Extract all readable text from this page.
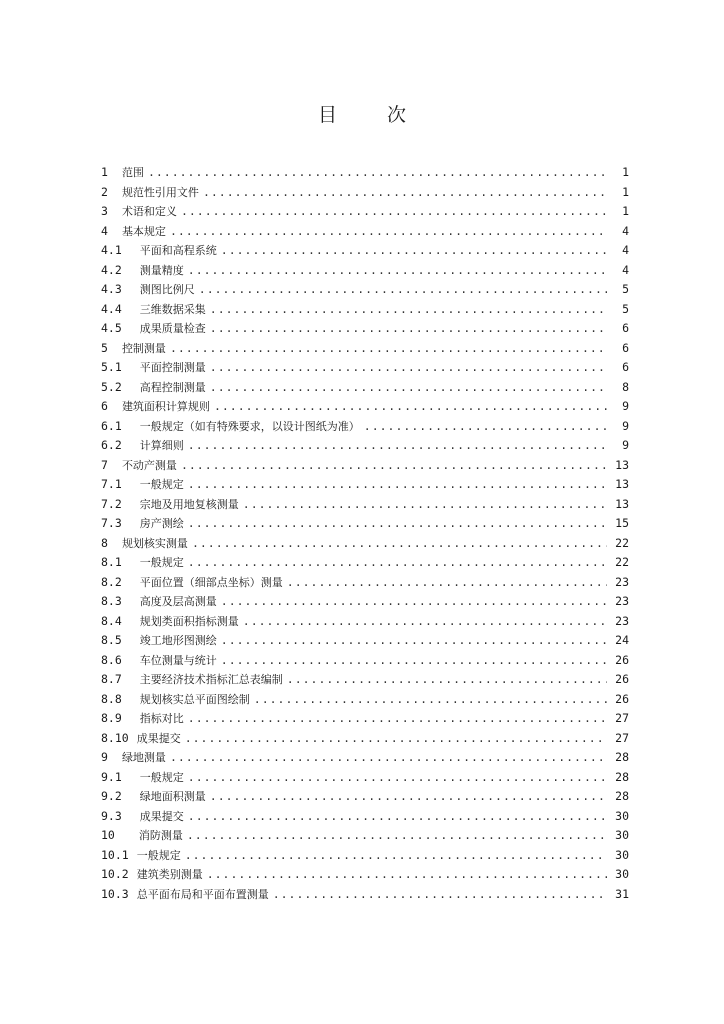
目 次
1 范围 .....	1
2 规范性引用文件 .....	1
3 术语和定义 .....	1
4 基本规定 .....	4
4.1 平面和高程系统 .....	4
4.2 测量精度 .....	4
4.3 测图比例尺 .....	5
4.4 三维数据采集 .....	5
4.5 成果质量检查 .....	6
5 控制测量 .....	6
5.1 平面控制测量 .....	6
5.2 高程控制测量 .....	8
6 建筑面积计算规则 .....	9
6.1 一般规定（如有特殊要求，以设计图纸为准） .....	9
6.2 计算细则 .....	9
7 不动产测量 .....	13
7.1 一般规定 .....	13
7.2 宗地及用地复核测量 .....	13
7.3 房产测绘 .....	15
8 规划核实测量 .....	22
8.1 一般规定 .....	22
8.2 平面位置（细部点坐标）测量 .....	23
8.3 高度及层高测量 .....	23
8.4 规划类面积指标测量 .....	23
8.5 竣工地形图测绘 .....	24
8.6 车位测量与统计 .....	26
8.7 主要经济技术指标汇总表编制 .....	26
8.8 规划核实总平面图绘制 .....	26
8.9 指标对比 .....	27
8.10 成果提交 .....	27
9 绿地测量 .....	28
9.1 一般规定 .....	28
9.2 绿地面积测量 .....	28
9.3 成果提交 .....	30
10 消防测量 .....	30
10.1 一般规定 .....	30
10.2 建筑类别测量 .....	30
10.3 总平面布局和平面布置测量 .....	31
